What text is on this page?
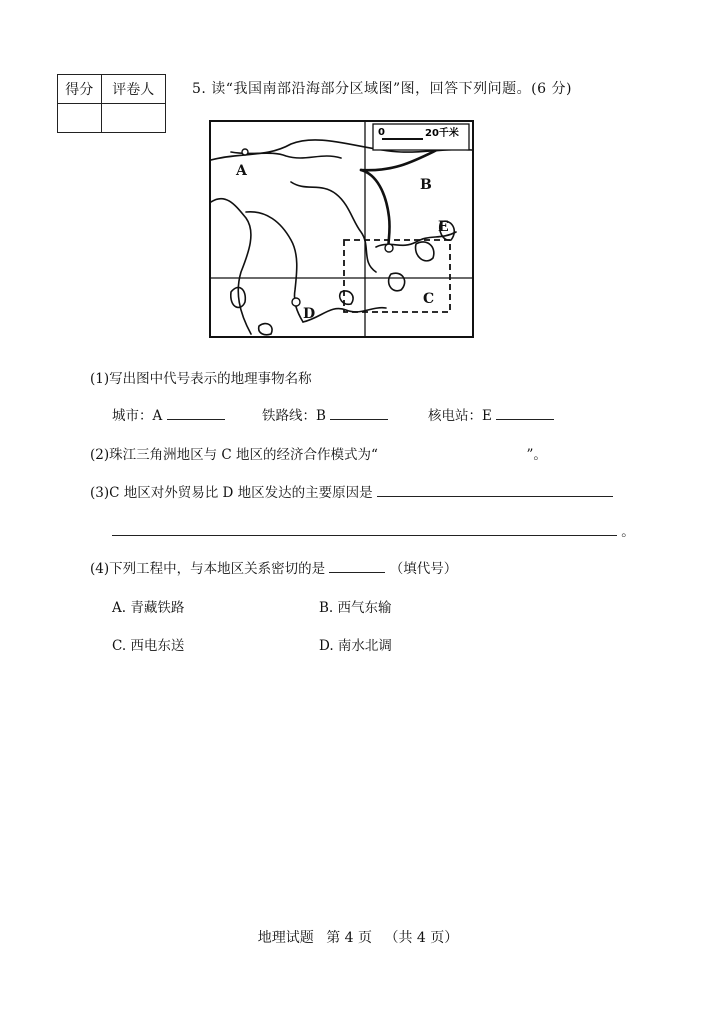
得分	评卷人
		5. 读“我国南部沿海部分区域图”图，回答下列问题。(6 分)
0	20千米
A
B
C
D
E
(1)写出图中代号表示的地理事物名称
城市：A	铁路线：B	核电站：E
(2)珠江三角洲地区与 C 地区的经济合作模式为“	”。
(3)C 地区对外贸易比 D 地区发达的主要原因是
。
(4)下列工程中，与本地区关系密切的是	（填代号）
A. 青藏铁路	B. 西气东输
C. 西电东送	D. 南水北调
地理试题 第 4 页 （共 4 页）
